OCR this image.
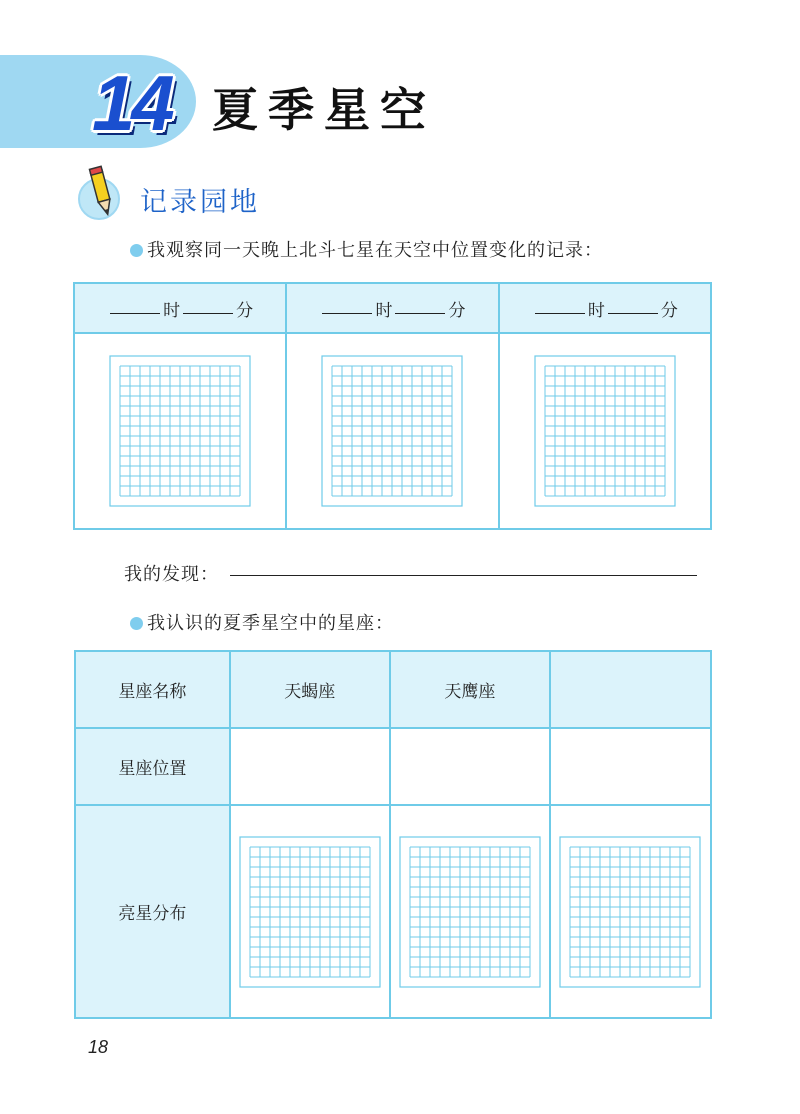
14 夏季星空
记录园地
我观察同一天晚上北斗七星在天空中位置变化的记录：
时 分	时 分	时 分

我的发现：
我认识的夏季星空中的星座：
星座名称	天蝎座	天鹰座	
星座位置			
亮星分布	

18
